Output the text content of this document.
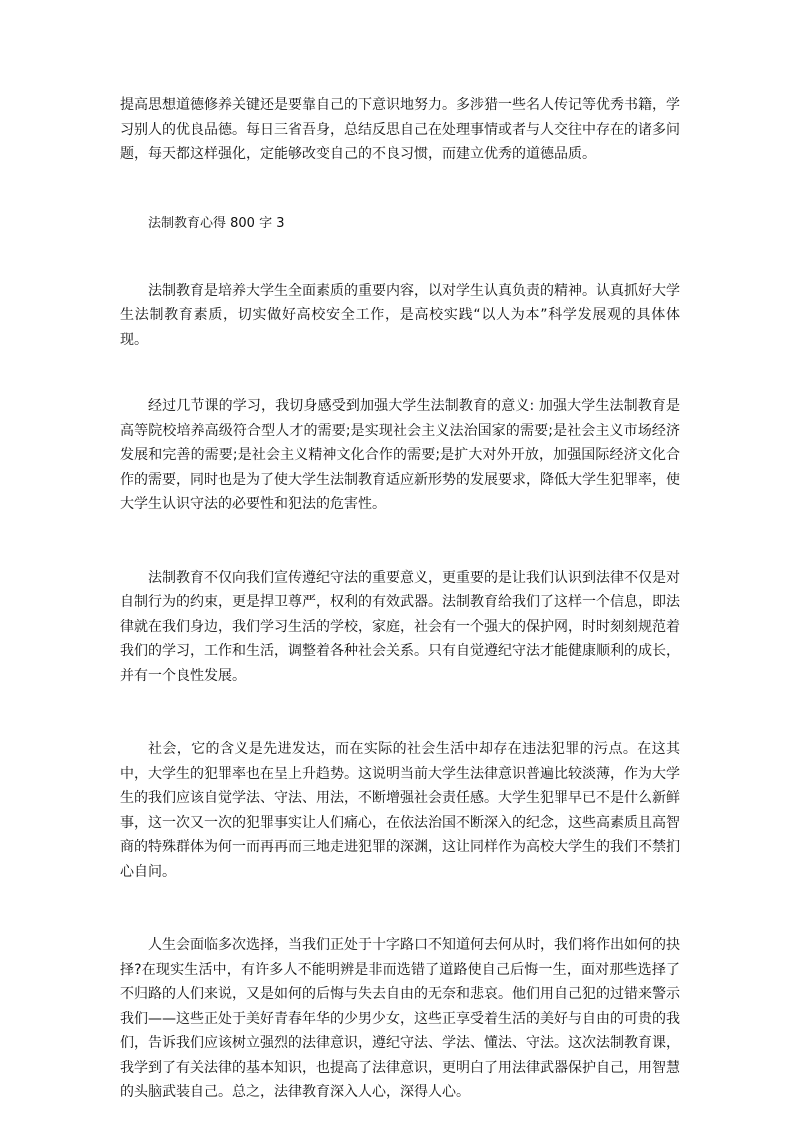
提高思想道德修养关键还是要靠自己的下意识地努力。多涉猎一些名人传记等优秀书籍，学习别人的优良品德。每日三省吾身，总结反思自己在处理事情或者与人交往中存在的诸多问题，每天都这样强化，定能够改变自己的不良习惯，而建立优秀的道德品质。

法制教育心得 800 字 3

法制教育是培养大学生全面素质的重要内容，以对学生认真负责的精神。认真抓好大学生法制教育素质，切实做好高校安全工作，是高校实践“以人为本”科学发展观的具体体现。

经过几节课的学习，我切身感受到加强大学生法制教育的意义: 加强大学生法制教育是高等院校培养高级符合型人才的需要;是实现社会主义法治国家的需要;是社会主义市场经济发展和完善的需要;是社会主义精神文化合作的需要;是扩大对外开放，加强国际经济文化合作的需要，同时也是为了使大学生法制教育适应新形势的发展要求，降低大学生犯罪率，使大学生认识守法的必要性和犯法的危害性。

法制教育不仅向我们宣传遵纪守法的重要意义，更重要的是让我们认识到法律不仅是对自制行为的约束，更是捍卫尊严，权利的有效武器。法制教育给我们了这样一个信息，即法律就在我们身边，我们学习生活的学校，家庭，社会有一个强大的保护网，时时刻刻规范着我们的学习，工作和生活，调整着各种社会关系。只有自觉遵纪守法才能健康顺利的成长，并有一个良性发展。

社会，它的含义是先进发达，而在实际的社会生活中却存在违法犯罪的污点。在这其中，大学生的犯罪率也在呈上升趋势。这说明当前大学生法律意识普遍比较淡薄，作为大学生的我们应该自觉学法、守法、用法，不断增强社会责任感。大学生犯罪早已不是什么新鲜事，这一次又一次的犯罪事实让人们痛心，在依法治国不断深入的纪念，这些高素质且高智商的特殊群体为何一而再再而三地走进犯罪的深渊，这让同样作为高校大学生的我们不禁扪心自问。

人生会面临多次选择，当我们正处于十字路口不知道何去何从时，我们将作出如何的抉择?在现实生活中，有许多人不能明辨是非而选错了道路使自己后悔一生，面对那些选择了不归路的人们来说，又是如何的后悔与失去自由的无奈和悲哀。他们用自己犯的过错来警示我们——这些正处于美好青春年华的少男少女，这些正享受着生活的美好与自由的可贵的我们，告诉我们应该树立强烈的法律意识，遵纪守法、学法、懂法、守法。这次法制教育课，我学到了有关法律的基本知识，也提高了法律意识，更明白了用法律武器保护自己，用智慧的头脑武装自己。总之，法律教育深入人心，深得人心。
